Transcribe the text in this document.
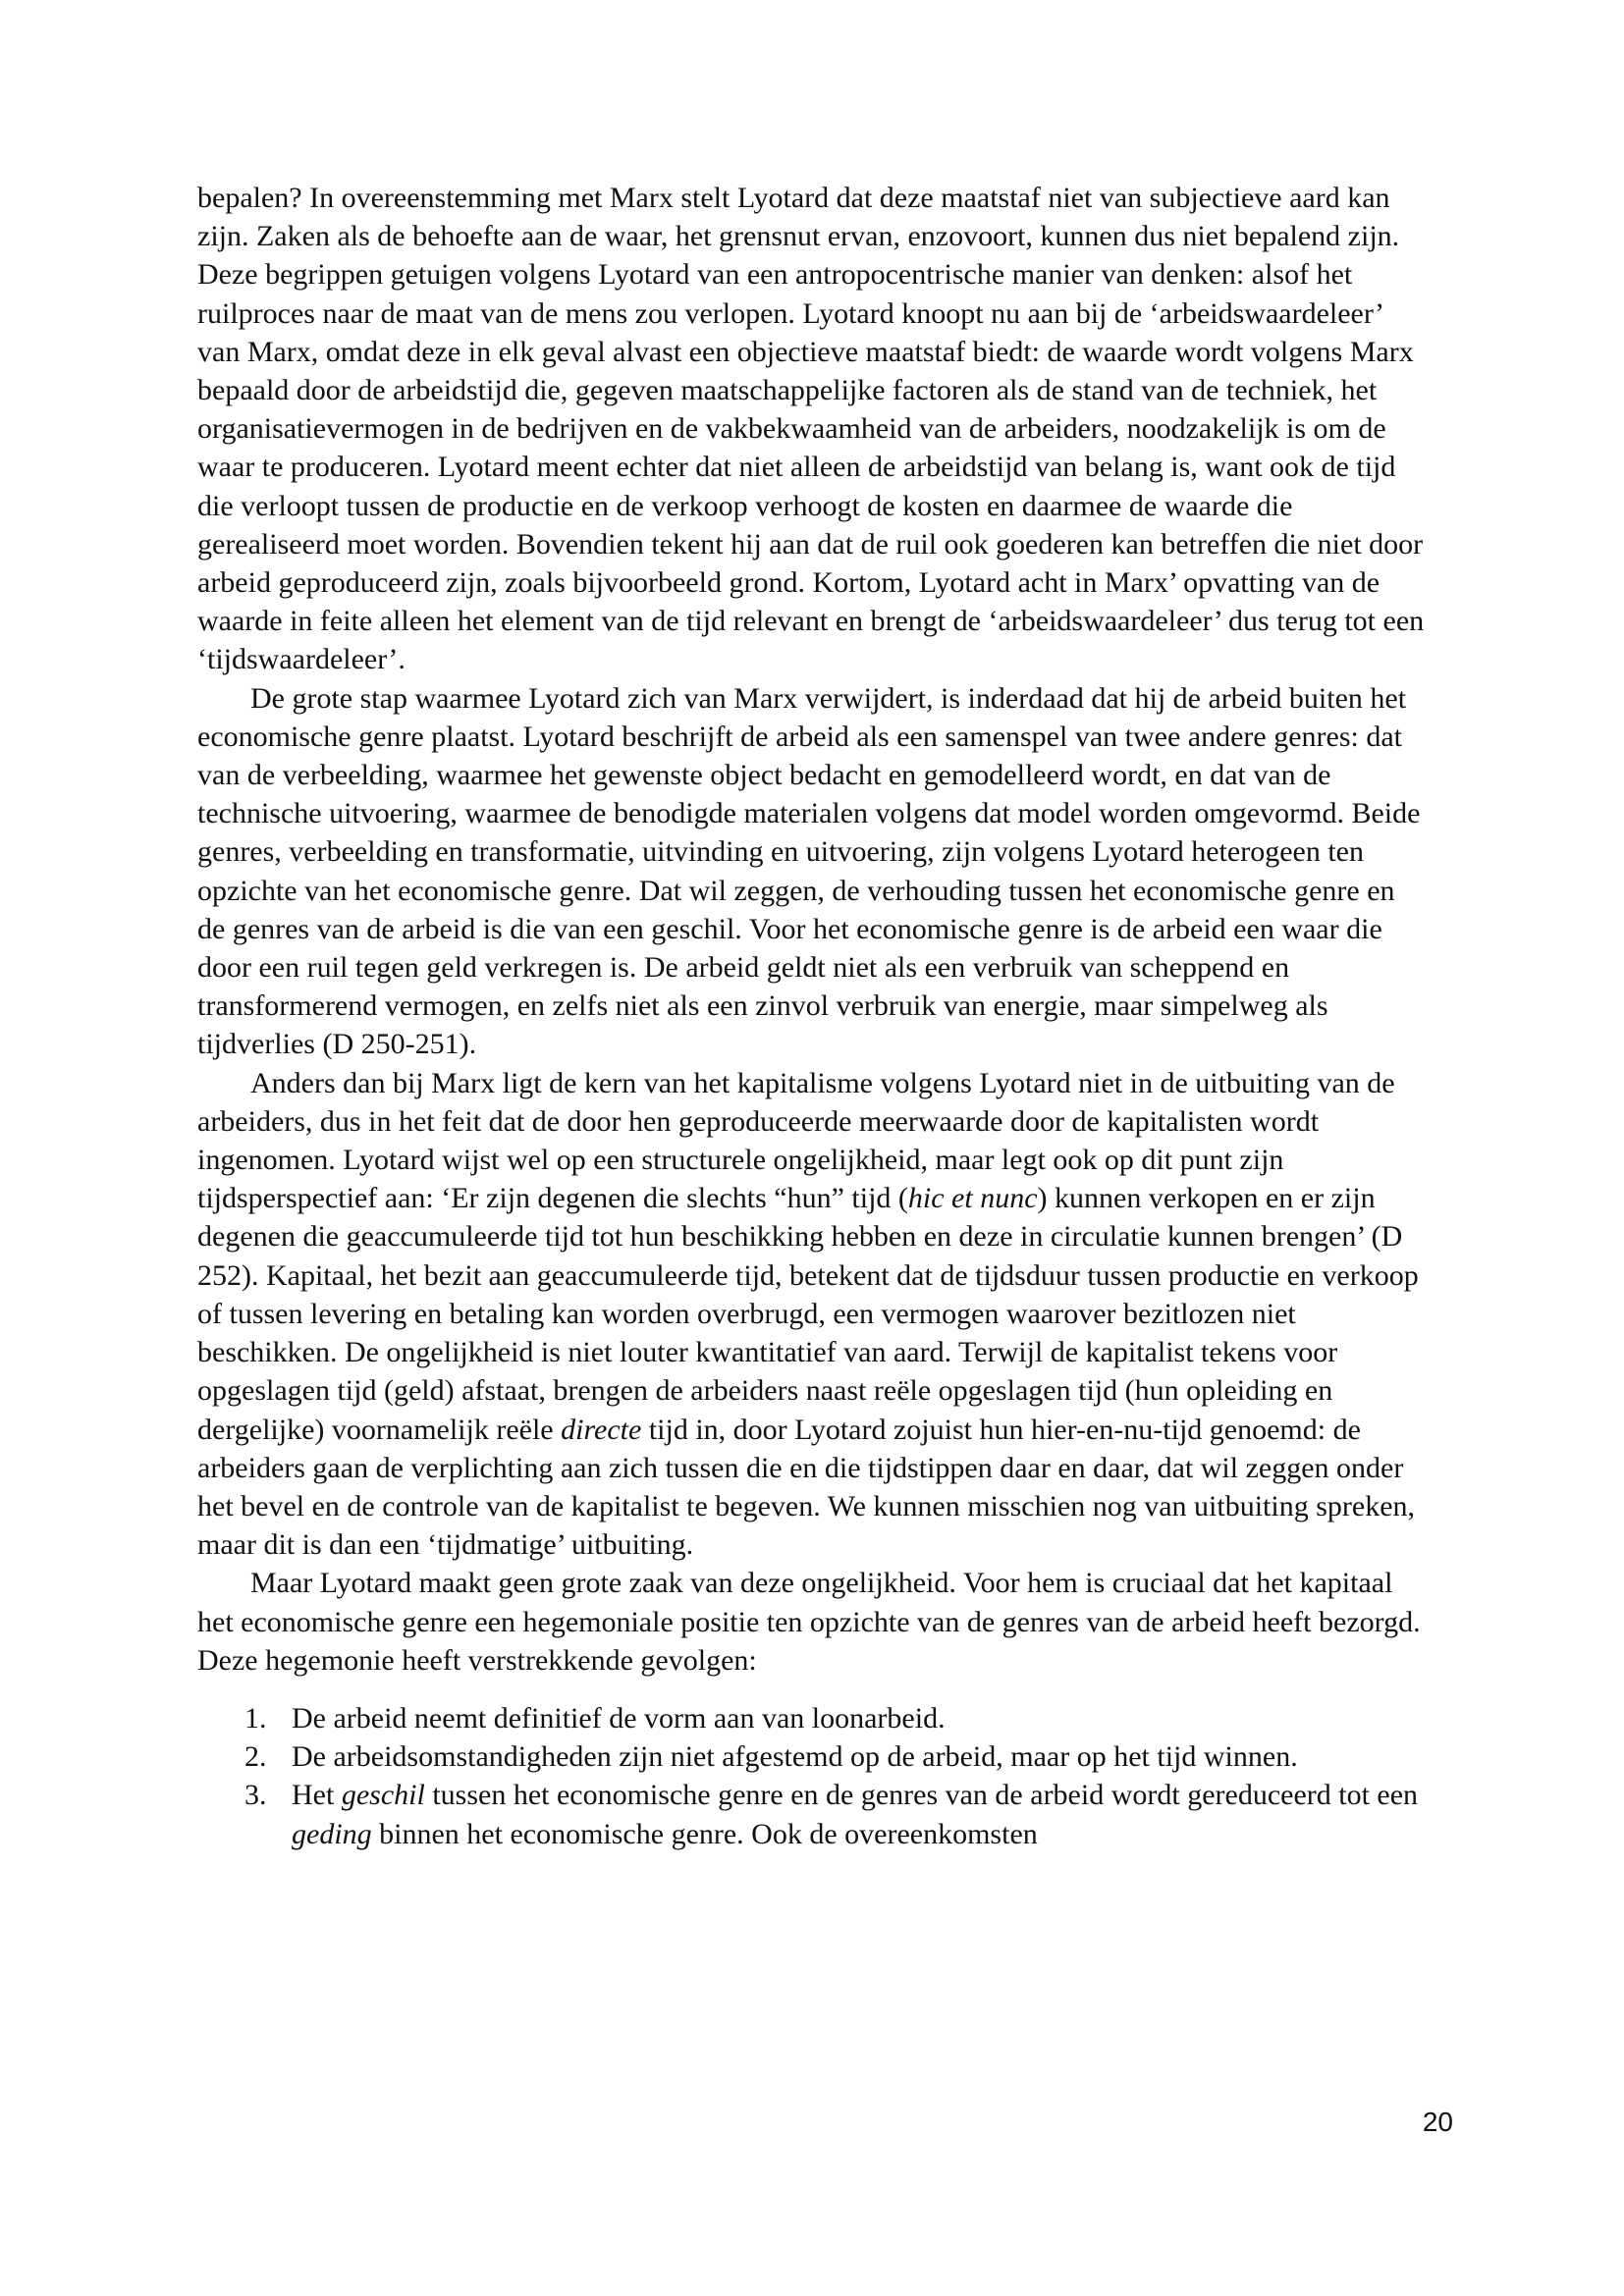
bepalen? In overeenstemming met Marx stelt Lyotard dat deze maatstaf niet van subjectieve aard kan zijn. Zaken als de behoefte aan de waar, het grensnut ervan, enzovoort, kunnen dus niet bepalend zijn. Deze begrippen getuigen volgens Lyotard van een antropocentrische manier van denken: alsof het ruilproces naar de maat van de mens zou verlopen. Lyotard knoopt nu aan bij de ‘arbeidswaardeleer’ van Marx, omdat deze in elk geval alvast een objectieve maatstaf biedt: de waarde wordt volgens Marx bepaald door de arbeidstijd die, gegeven maatschappelijke factoren als de stand van de techniek, het organisatievermogen in de bedrijven en de vakbekwaamheid van de arbeiders, noodzakelijk is om de waar te produceren. Lyotard meent echter dat niet alleen de arbeidstijd van belang is, want ook de tijd die verloopt tussen de productie en de verkoop verhoogt de kosten en daarmee de waarde die gerealiseerd moet worden. Bovendien tekent hij aan dat de ruil ook goederen kan betreffen die niet door arbeid geproduceerd zijn, zoals bijvoorbeeld grond. Kortom, Lyotard acht in Marx’ opvatting van de waarde in feite alleen het element van de tijd relevant en brengt de ‘arbeidswaardeleer’ dus terug tot een ‘tijdswaardeleer’.

De grote stap waarmee Lyotard zich van Marx verwijdert, is inderdaad dat hij de arbeid buiten het economische genre plaatst. Lyotard beschrijft de arbeid als een samenspel van twee andere genres: dat van de verbeelding, waarmee het gewenste object bedacht en gemodelleerd wordt, en dat van de technische uitvoering, waarmee de benodigde materialen volgens dat model worden omgevormd. Beide genres, verbeelding en transformatie, uitvinding en uitvoering, zijn volgens Lyotard heterogeen ten opzichte van het economische genre. Dat wil zeggen, de verhouding tussen het economische genre en de genres van de arbeid is die van een geschil. Voor het economische genre is de arbeid een waar die door een ruil tegen geld verkregen is. De arbeid geldt niet als een verbruik van scheppend en transformerend vermogen, en zelfs niet als een zinvol verbruik van energie, maar simpelweg als tijdverlies (D 250-251).

Anders dan bij Marx ligt de kern van het kapitalisme volgens Lyotard niet in de uitbuiting van de arbeiders, dus in het feit dat de door hen geproduceerde meerwaarde door de kapitalisten wordt ingenomen. Lyotard wijst wel op een structurele ongelijkheid, maar legt ook op dit punt zijn tijdsperspectief aan: ‘Er zijn degenen die slechts “hun” tijd (hic et nunc) kunnen verkopen en er zijn degenen die geaccumuleerde tijd tot hun beschikking hebben en deze in circulatie kunnen brengen’ (D 252). Kapitaal, het bezit aan geaccumuleerde tijd, betekent dat de tijdsduur tussen productie en verkoop of tussen levering en betaling kan worden overbrugd, een vermogen waarover bezitlozen niet beschikken. De ongelijkheid is niet louter kwantitatief van aard. Terwijl de kapitalist tekens voor opgeslagen tijd (geld) afstaat, brengen de arbeiders naast reële opgeslagen tijd (hun opleiding en dergelijke) voornamelijk reële directe tijd in, door Lyotard zojuist hun hier-en-nu-tijd genoemd: de arbeiders gaan de verplichting aan zich tussen die en die tijdstippen daar en daar, dat wil zeggen onder het bevel en de controle van de kapitalist te begeven. We kunnen misschien nog van uitbuiting spreken, maar dit is dan een ‘tijdmatige’ uitbuiting.

Maar Lyotard maakt geen grote zaak van deze ongelijkheid. Voor hem is cruciaal dat het kapitaal het economische genre een hegemoniale positie ten opzichte van de genres van de arbeid heeft bezorgd. Deze hegemonie heeft verstrekkende gevolgen:

1. De arbeid neemt definitief de vorm aan van loonarbeid.
2. De arbeidsomstandigheden zijn niet afgestemd op de arbeid, maar op het tijd winnen.
3. Het geschil tussen het economische genre en de genres van de arbeid wordt gereduceerd tot een geding binnen het economische genre. Ook de overeenkomsten
20
